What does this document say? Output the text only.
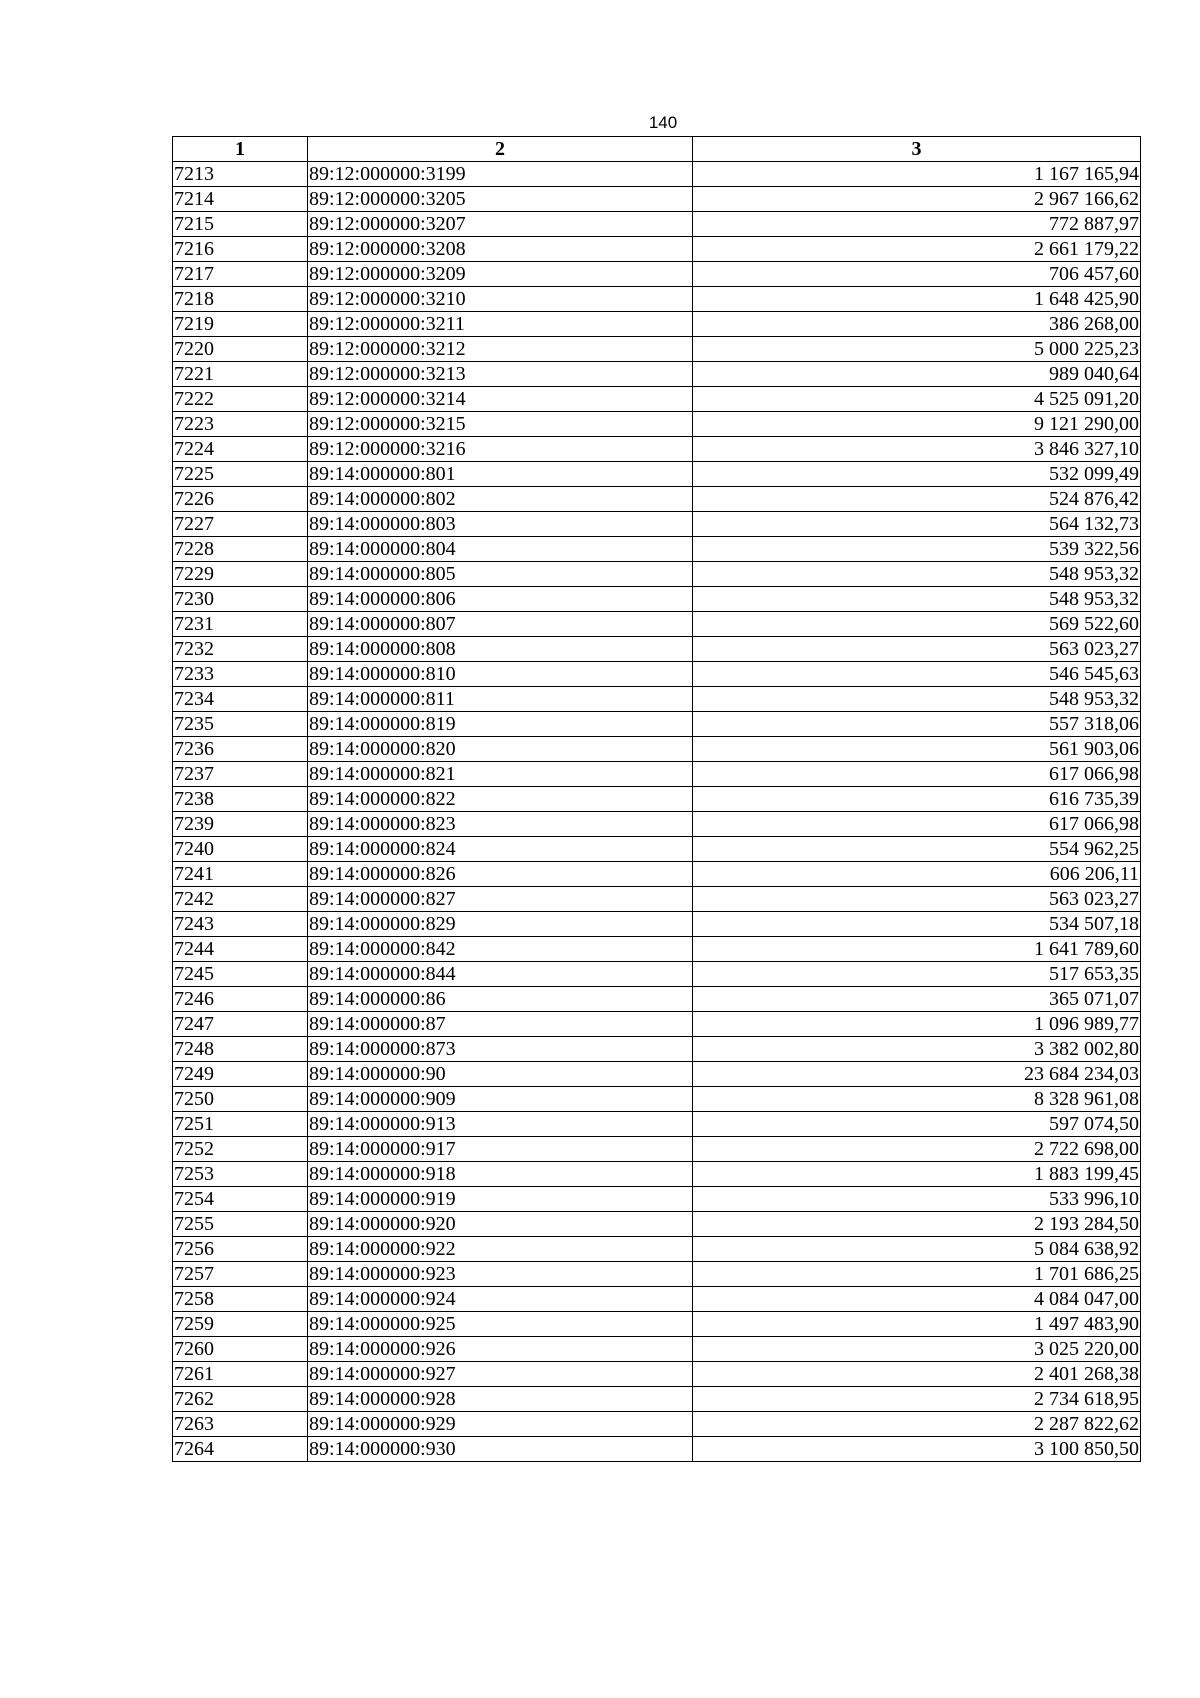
140
1	2	3
7213	89:12:000000:3199	1 167 165,94
7214	89:12:000000:3205	2 967 166,62
7215	89:12:000000:3207	772 887,97
7216	89:12:000000:3208	2 661 179,22
7217	89:12:000000:3209	706 457,60
7218	89:12:000000:3210	1 648 425,90
7219	89:12:000000:3211	386 268,00
7220	89:12:000000:3212	5 000 225,23
7221	89:12:000000:3213	989 040,64
7222	89:12:000000:3214	4 525 091,20
7223	89:12:000000:3215	9 121 290,00
7224	89:12:000000:3216	3 846 327,10
7225	89:14:000000:801	532 099,49
7226	89:14:000000:802	524 876,42
7227	89:14:000000:803	564 132,73
7228	89:14:000000:804	539 322,56
7229	89:14:000000:805	548 953,32
7230	89:14:000000:806	548 953,32
7231	89:14:000000:807	569 522,60
7232	89:14:000000:808	563 023,27
7233	89:14:000000:810	546 545,63
7234	89:14:000000:811	548 953,32
7235	89:14:000000:819	557 318,06
7236	89:14:000000:820	561 903,06
7237	89:14:000000:821	617 066,98
7238	89:14:000000:822	616 735,39
7239	89:14:000000:823	617 066,98
7240	89:14:000000:824	554 962,25
7241	89:14:000000:826	606 206,11
7242	89:14:000000:827	563 023,27
7243	89:14:000000:829	534 507,18
7244	89:14:000000:842	1 641 789,60
7245	89:14:000000:844	517 653,35
7246	89:14:000000:86	365 071,07
7247	89:14:000000:87	1 096 989,77
7248	89:14:000000:873	3 382 002,80
7249	89:14:000000:90	23 684 234,03
7250	89:14:000000:909	8 328 961,08
7251	89:14:000000:913	597 074,50
7252	89:14:000000:917	2 722 698,00
7253	89:14:000000:918	1 883 199,45
7254	89:14:000000:919	533 996,10
7255	89:14:000000:920	2 193 284,50
7256	89:14:000000:922	5 084 638,92
7257	89:14:000000:923	1 701 686,25
7258	89:14:000000:924	4 084 047,00
7259	89:14:000000:925	1 497 483,90
7260	89:14:000000:926	3 025 220,00
7261	89:14:000000:927	2 401 268,38
7262	89:14:000000:928	2 734 618,95
7263	89:14:000000:929	2 287 822,62
7264	89:14:000000:930	3 100 850,50
